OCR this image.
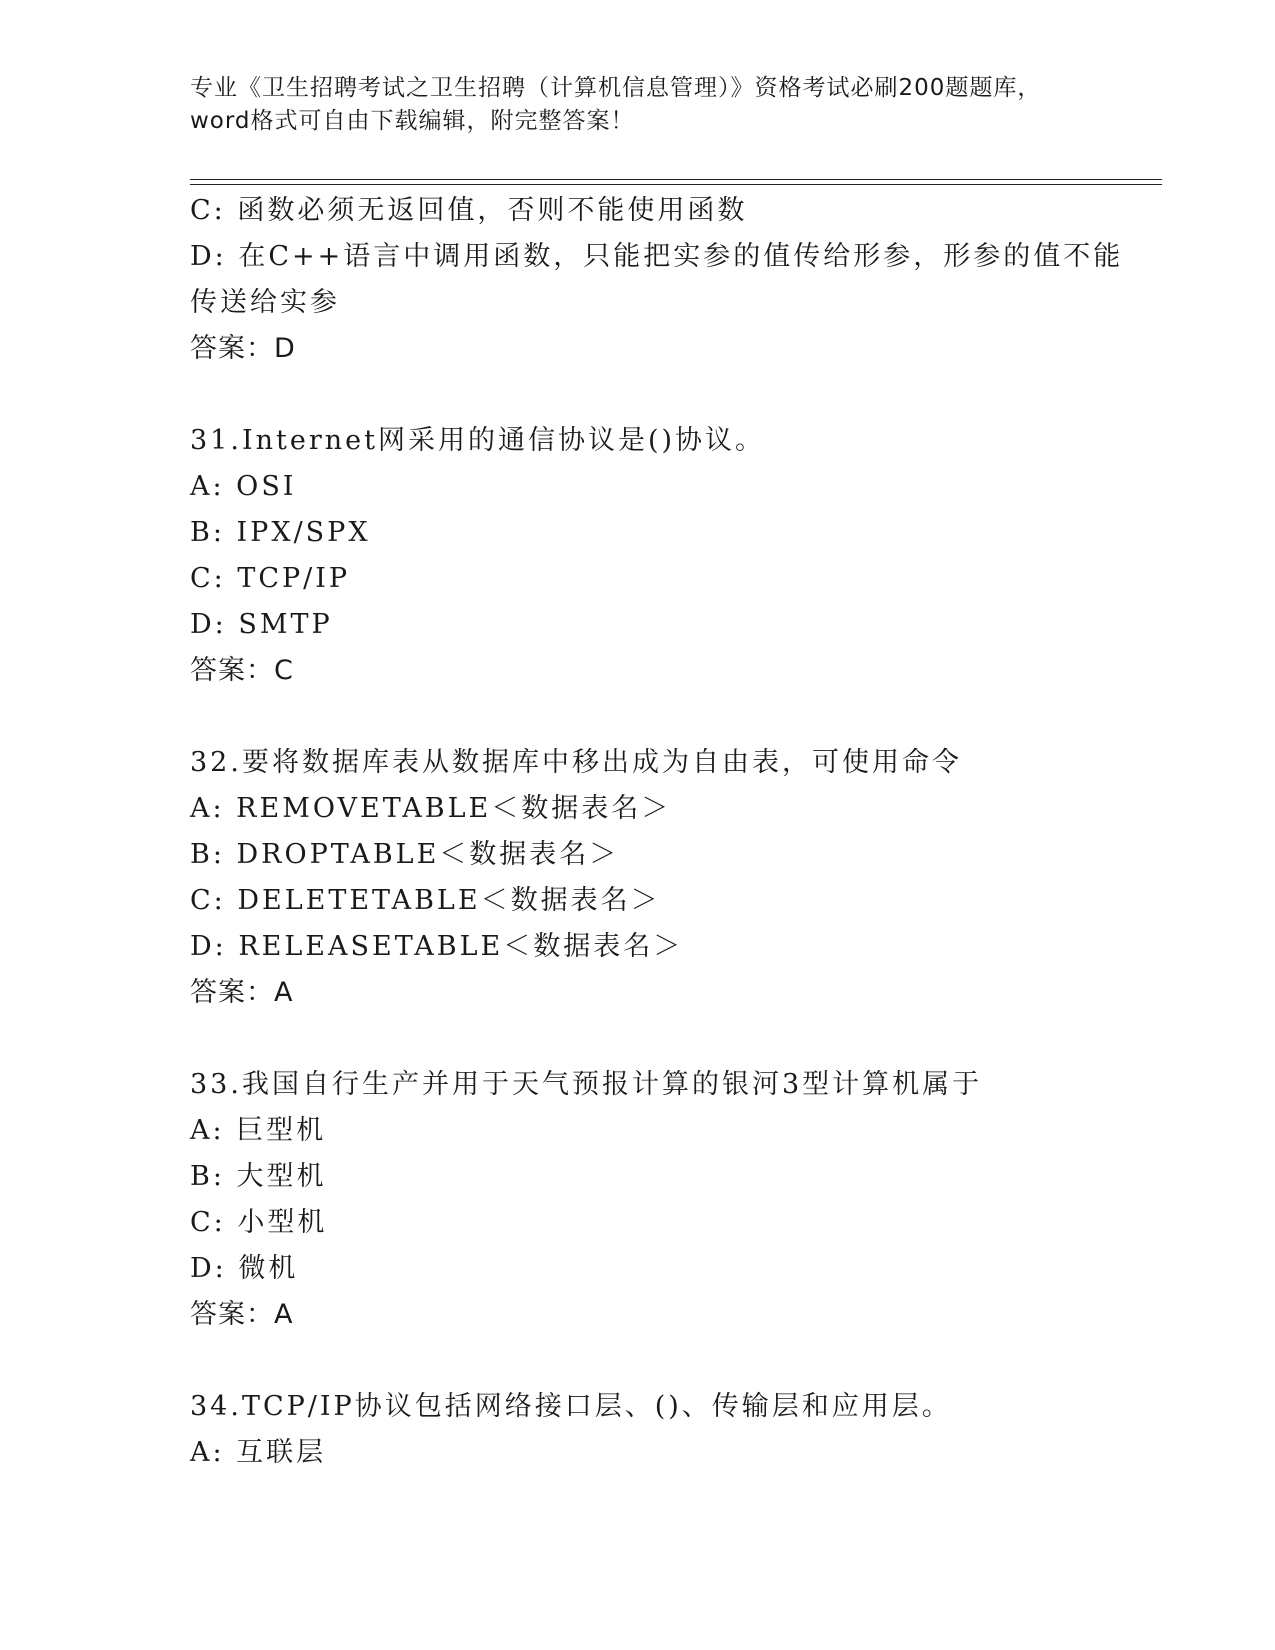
专业《卫生招聘考试之卫生招聘（计算机信息管理）》资格考试必刷200题题库，
word格式可自由下载编辑，附完整答案！
C: 函数必须无返回值，否则不能使用函数
D: 在C++语言中调用函数，只能把实参的值传给形参，形参的值不能
传送给实参
答案：D
31.Internet网采用的通信协议是()协议。
A: OSI
B: IPX/SPX
C: TCP/IP
D: SMTP
答案：C
32.要将数据库表从数据库中移出成为自由表，可使用命令
A: REMOVETABLE＜数据表名＞
B: DROPTABLE＜数据表名＞
C: DELETETABLE＜数据表名＞
D: RELEASETABLE＜数据表名＞
答案：A
33.我国自行生产并用于天气预报计算的银河3型计算机属于
A: 巨型机
B: 大型机
C: 小型机
D: 微机
答案：A
34.TCP/IP协议包括网络接口层、()、传输层和应用层。
A: 互联层
